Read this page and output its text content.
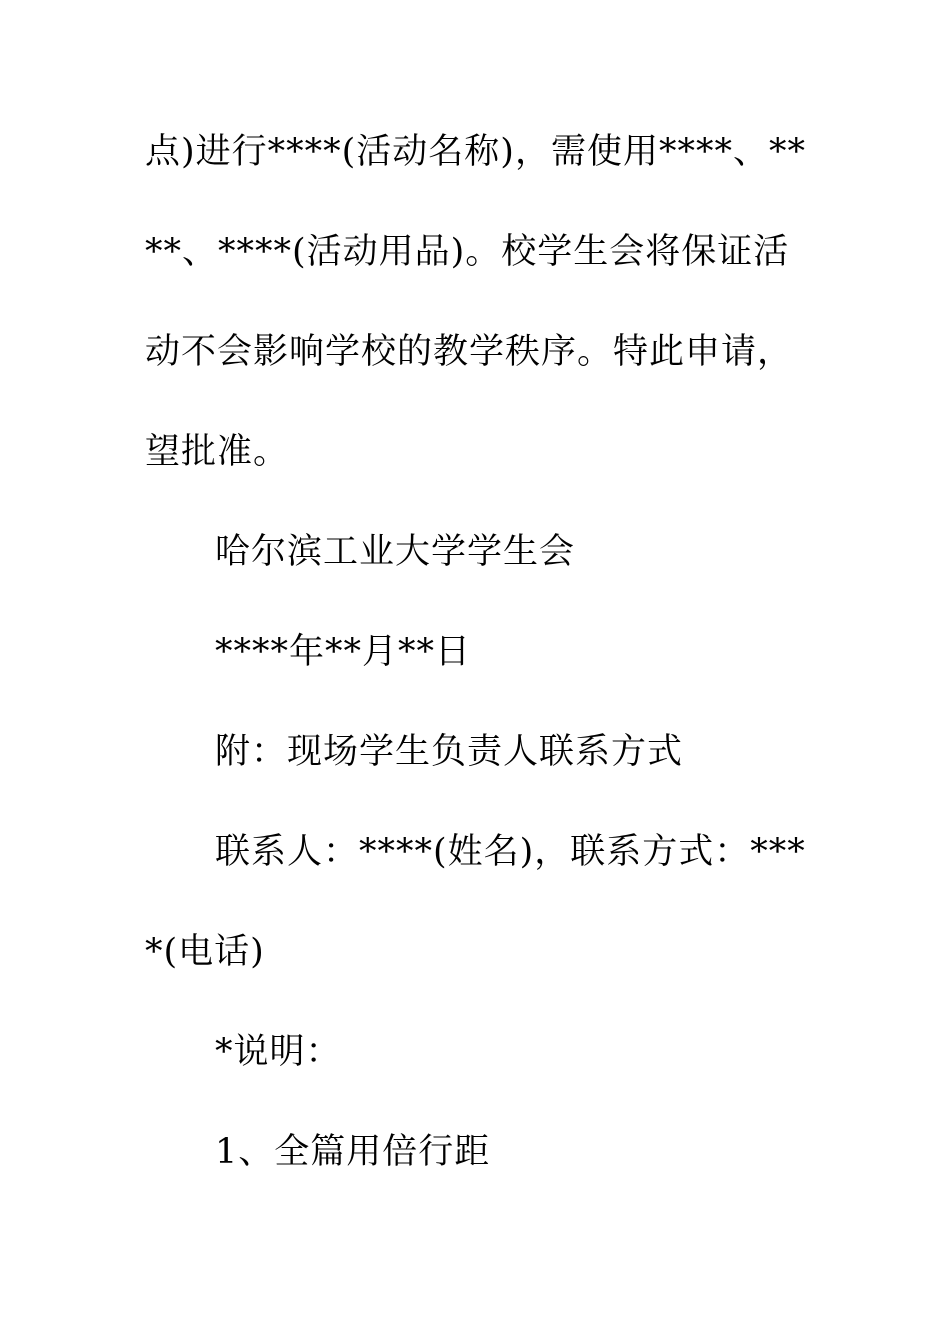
点)进行****(活动名称)，需使用****、**
**、****(活动用品)。校学生会将保证活
动不会影响学校的教学秩序。特此申请，
望批准。
哈尔滨工业大学学生会
****年**月**日
附：现场学生负责人联系方式
联系人：****(姓名)，联系方式：***
*(电话)
*说明：
1、全篇用倍行距
